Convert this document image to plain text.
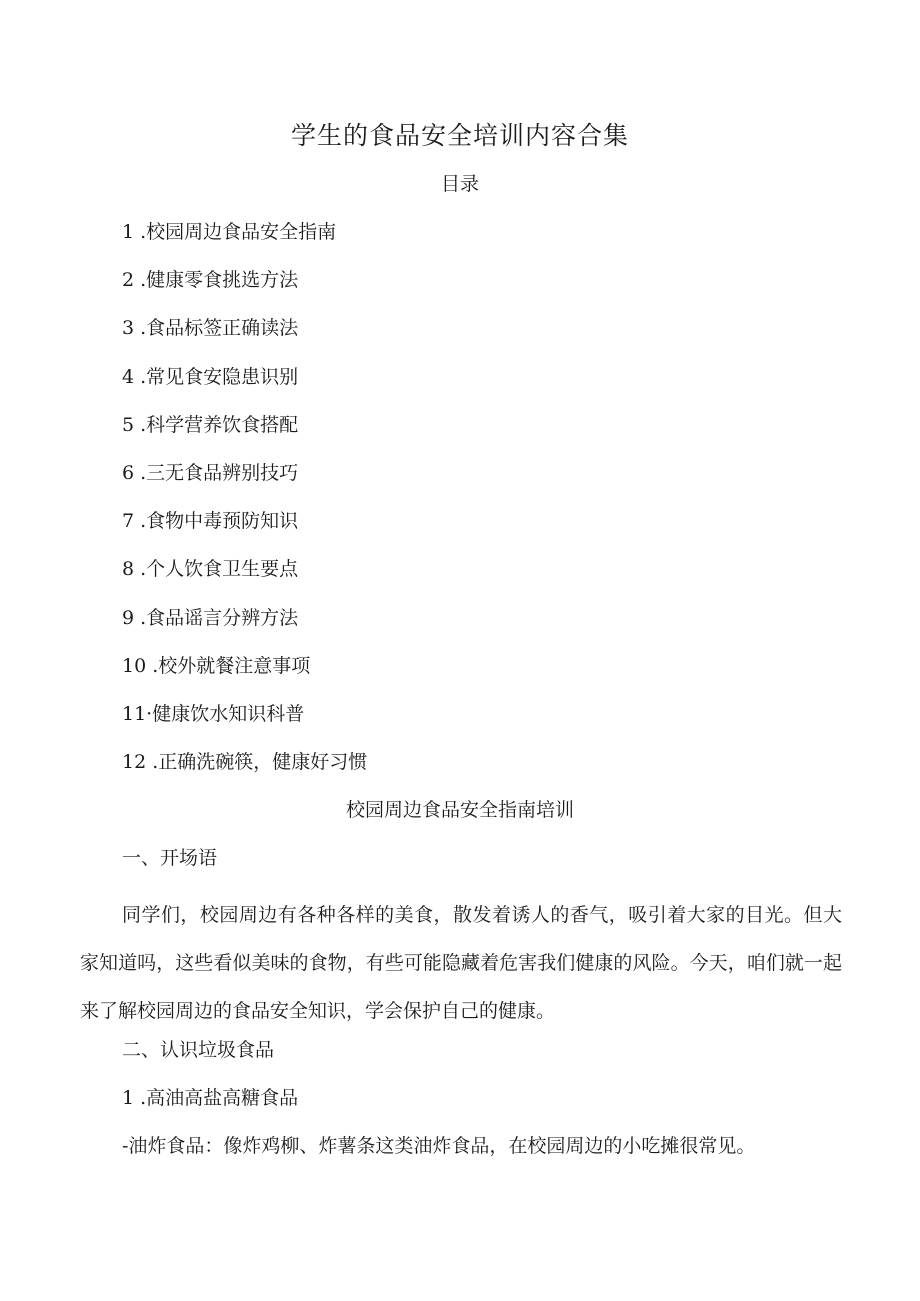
学生的食品安全培训内容合集
目录
1 .校园周边食品安全指南
2 .健康零食挑选方法
3 .食品标签正确读法
4 .常见食安隐患识别
5 .科学营养饮食搭配
6 .三无食品辨别技巧
7 .食物中毒预防知识
8 .个人饮食卫生要点
9 .食品谣言分辨方法
10 .校外就餐注意事项
11·健康饮水知识科普
12 .正确洗碗筷，健康好习惯
校园周边食品安全指南培训
一、开场语

同学们，校园周边有各种各样的美食，散发着诱人的香气，吸引着大家的目光。但大家知道吗，这些看似美味的食物，有些可能隐藏着危害我们健康的风险。今天，咱们就一起来了解校园周边的食品安全知识，学会保护自己的健康。

二、认识垃圾食品
1 .高油高盐高糖食品
-油炸食品：像炸鸡柳、炸薯条这类油炸食品，在校园周边的小吃摊很常见。
